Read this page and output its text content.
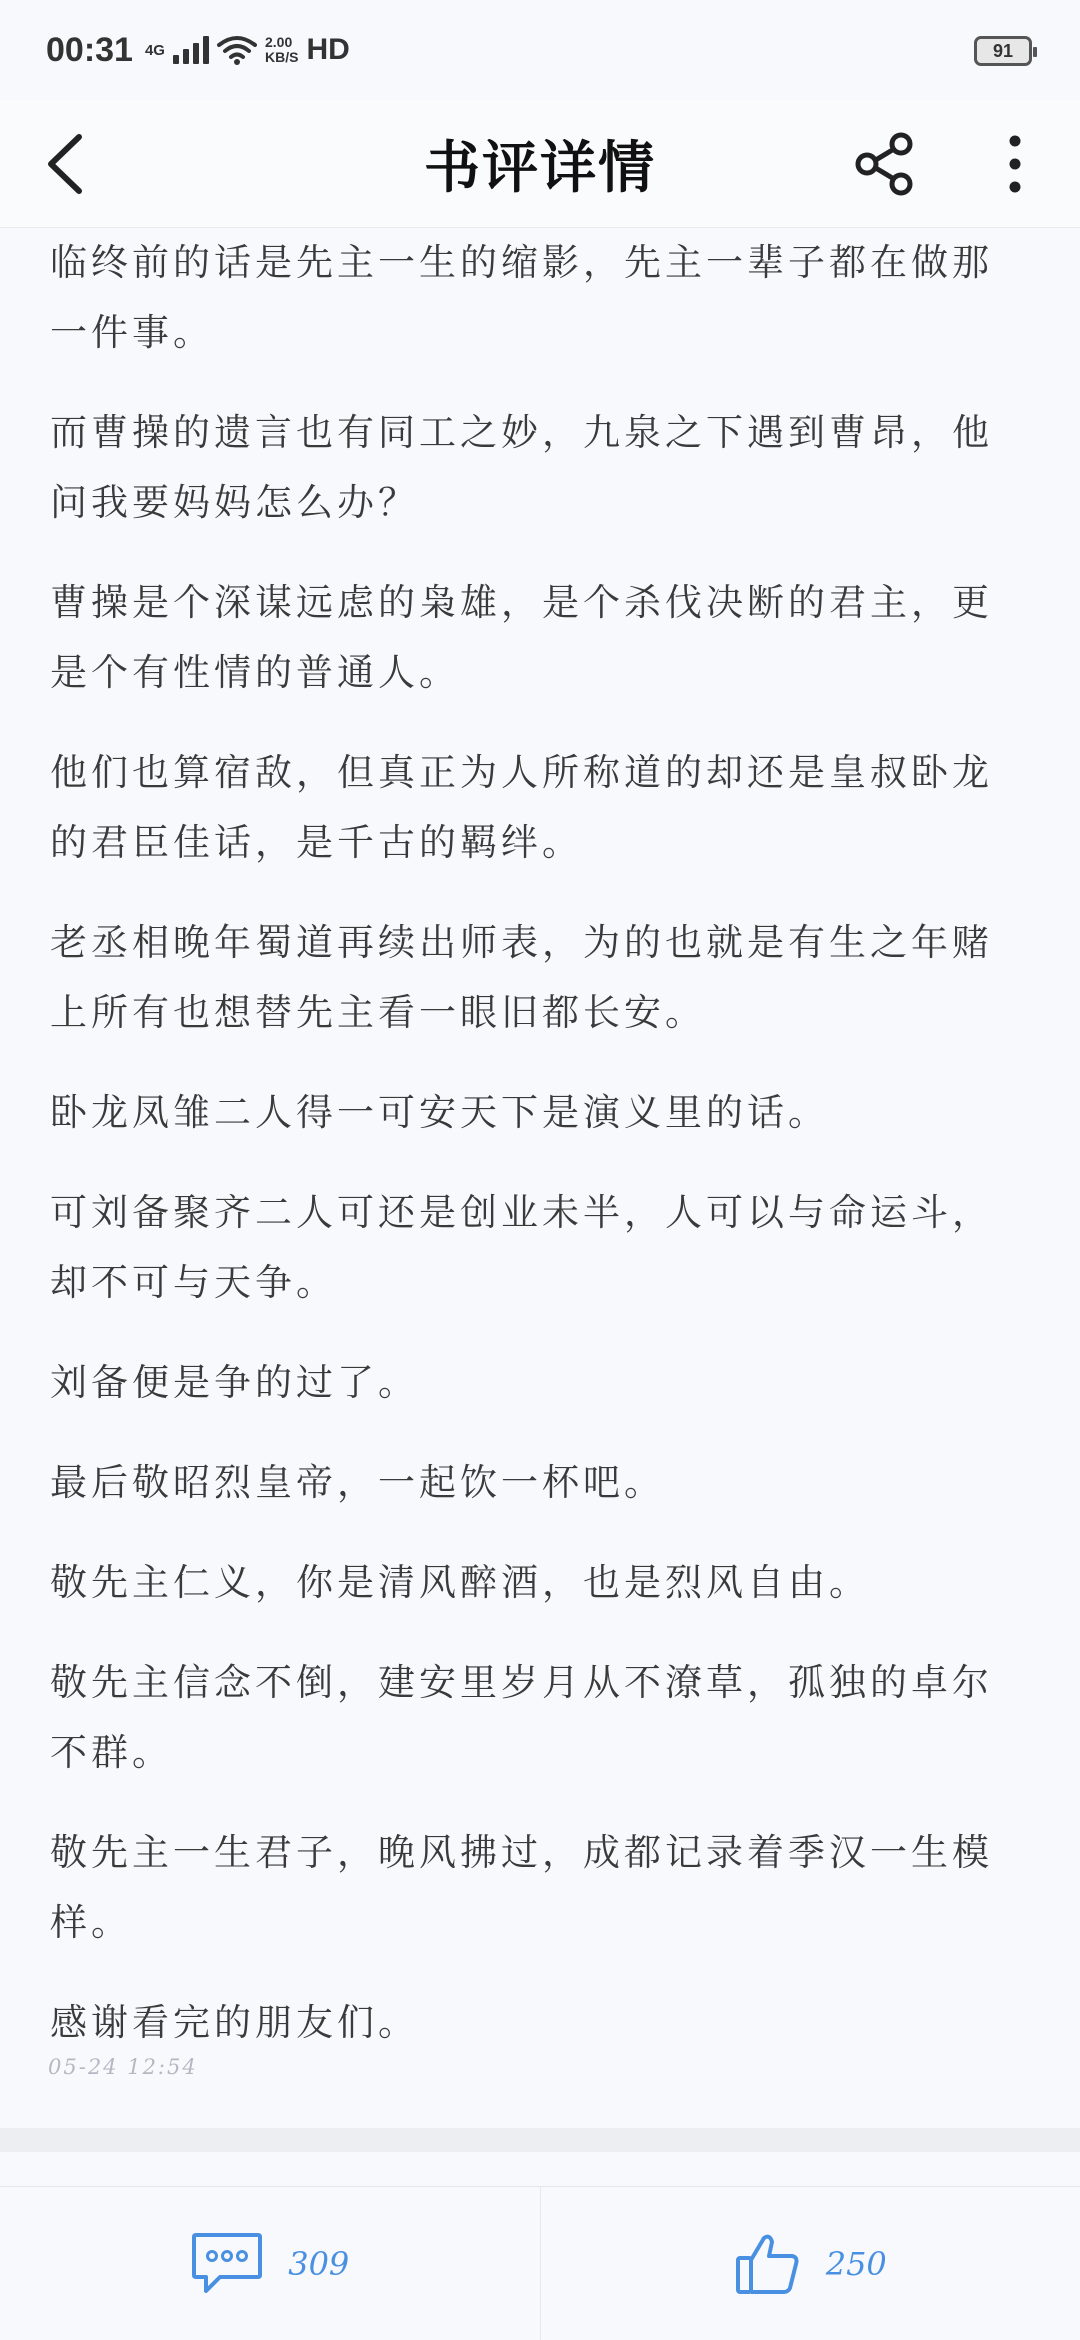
00:31 4G	2.00
KB/S HD	91
书评详情

临终前的话是先主一生的缩影，先主一辈子都在做那一件事。

而曹操的遗言也有同工之妙，九泉之下遇到曹昂，他问我要妈妈怎么办？

曹操是个深谋远虑的枭雄，是个杀伐决断的君主，更是个有性情的普通人。

他们也算宿敌，但真正为人所称道的却还是皇叔卧龙的君臣佳话，是千古的羁绊。

老丞相晚年蜀道再续出师表，为的也就是有生之年赌上所有也想替先主看一眼旧都长安。

卧龙凤雏二人得一可安天下是演义里的话。

可刘备聚齐二人可还是创业未半，人可以与命运斗，却不可与天争。

刘备便是争的过了。

最后敬昭烈皇帝，一起饮一杯吧。

敬先主仁义，你是清风醉酒，也是烈风自由。

敬先主信念不倒，建安里岁月从不潦草，孤独的卓尔不群。

敬先主一生君子，晚风拂过，成都记录着季汉一生模样。

感谢看完的朋友们。

05-24 12:54
309	250
